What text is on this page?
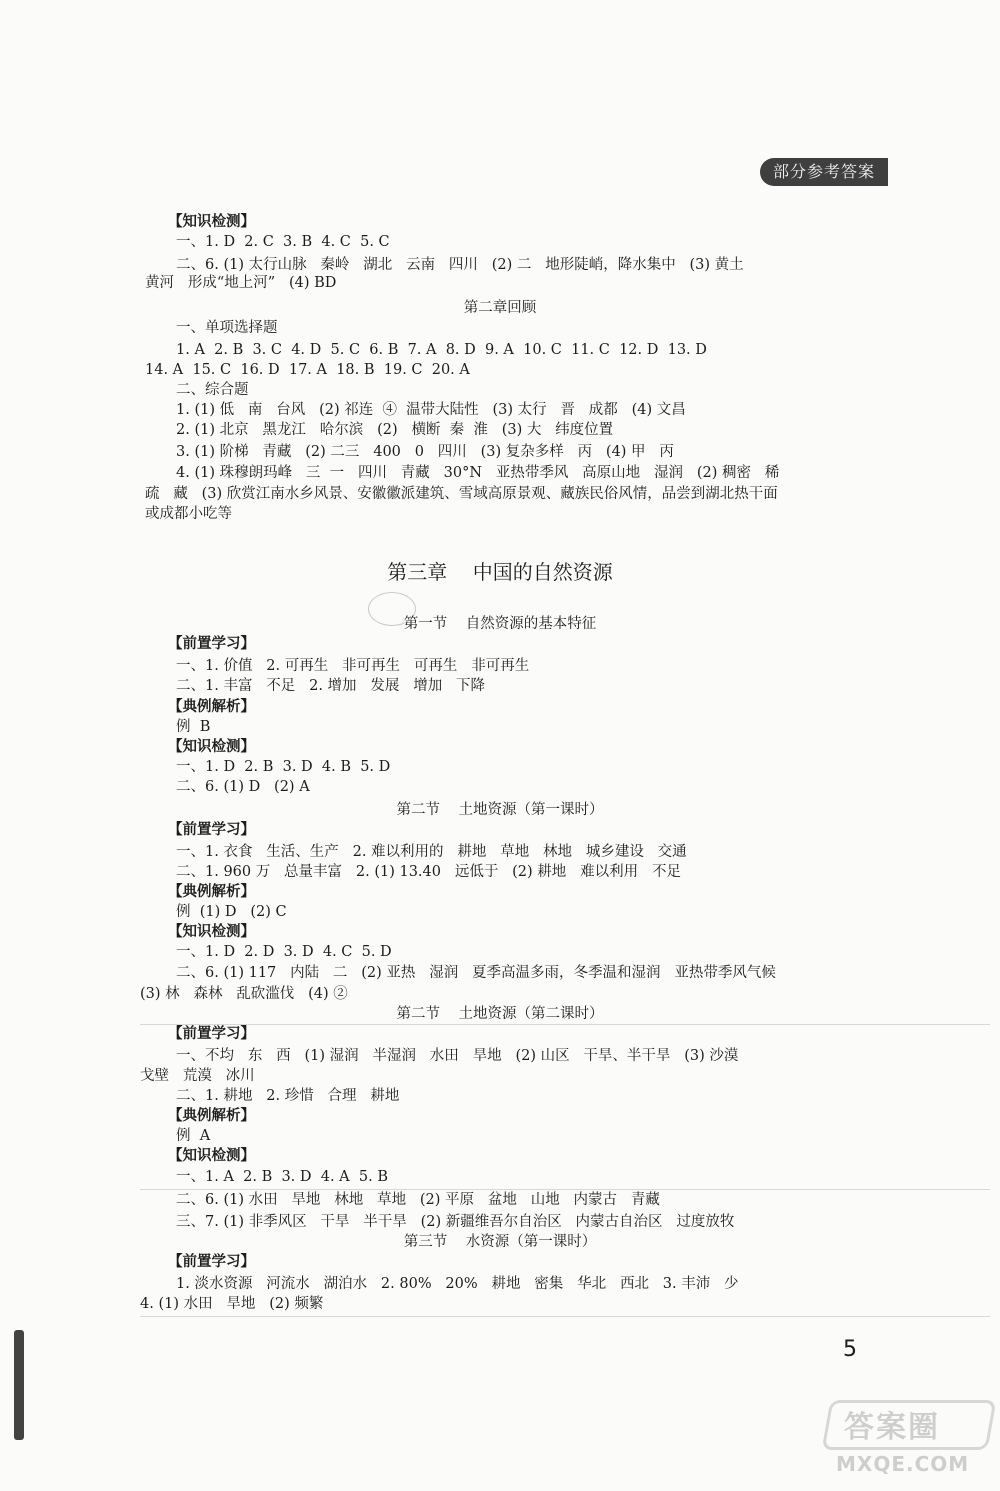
部分参考答案
【知识检测】
一、1. D  2. C  3. B  4. C  5. C
二、6. (1) 太行山脉   秦岭   湖北   云南   四川   (2) 二   地形陡峭，降水集中   (3) 黄土
黄河   形成“地上河”   (4) BD
第二章回顾
一、单项选择题
1. A  2. B  3. C  4. D  5. C  6. B  7. A  8. D  9. A  10. C  11. C  12. D  13. D
14. A  15. C  16. D  17. A  18. B  19. C  20. A
二、综合题
1. (1) 低   南   台风   (2) 祁连  ④  温带大陆性   (3) 太行   晋   成都   (4) 文昌
2. (1) 北京   黑龙江   哈尔滨   (2)   横断  秦  淮   (3) 大   纬度位置
3. (1) 阶梯   青藏   (2) 二三   400   0   四川   (3) 复杂多样   丙   (4) 甲   丙
4. (1) 珠穆朗玛峰   三  一   四川   青藏   30°N   亚热带季风   高原山地   湿润   (2) 稠密   稀
疏   藏   (3) 欣赏江南水乡风景、安徽徽派建筑、雪域高原景观、藏族民俗风情，品尝到湖北热干面
或成都小吃等
第三章    中国的自然资源
第一节    自然资源的基本特征
【前置学习】
一、1. 价值   2. 可再生   非可再生   可再生   非可再生
二、1. 丰富   不足   2. 增加   发展   增加   下降
【典例解析】
例  B
【知识检测】
一、1. D  2. B  3. D  4. B  5. D
二、6. (1) D   (2) A
第二节    土地资源（第一课时）
【前置学习】
一、1. 衣食   生活、生产   2. 难以利用的   耕地   草地   林地   城乡建设   交通
二、1. 960 万   总量丰富   2. (1) 13.40   远低于   (2) 耕地   难以利用   不足
【典例解析】
例  (1) D   (2) C
【知识检测】
一、1. D  2. D  3. D  4. C  5. D
二、6. (1) 117   内陆   二   (2) 亚热   湿润   夏季高温多雨，冬季温和湿润   亚热带季风气候
(3) 林   森林   乱砍滥伐   (4) ②
第二节    土地资源（第二课时）
【前置学习】
一、不均   东   西   (1) 湿润   半湿润   水田   旱地   (2) 山区   干旱、半干旱   (3) 沙漠
戈壁   荒漠   冰川
二、1. 耕地   2. 珍惜   合理   耕地
【典例解析】
例  A
【知识检测】
一、1. A  2. B  3. D  4. A  5. B
二、6. (1) 水田   旱地   林地   草地   (2) 平原   盆地   山地   内蒙古   青藏
三、7. (1) 非季风区   干旱   半干旱   (2) 新疆维吾尔自治区   内蒙古自治区   过度放牧
第三节    水资源（第一课时）
【前置学习】
1. 淡水资源   河流水   湖泊水   2. 80%   20%   耕地   密集   华北   西北   3. 丰沛   少
4. (1) 水田   旱地   (2) 频繁
5
答案圈
MXQE.COM
